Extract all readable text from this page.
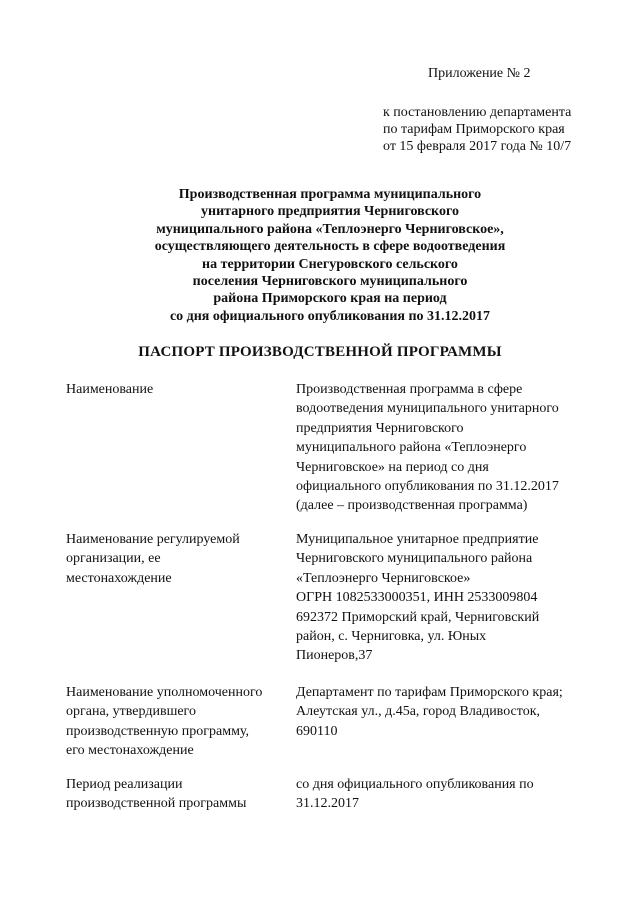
Приложение № 2
к постановлению департамента
по тарифам Приморского края
от 15 февраля 2017 года № 10/7
Производственная программа муниципального
унитарного предприятия Черниговского
муниципального района «Теплоэнерго Черниговское»,
осуществляющего деятельность в сфере водоотведения
на территории Снегуровского сельского
поселения Черниговского муниципального
района Приморского края на период
со дня официального опубликования по 31.12.2017
ПАСПОРТ ПРОИЗВОДСТВЕННОЙ ПРОГРАММЫ
Наименование	Производственная программа в сфере
водоотведения муниципального унитарного
предприятия Черниговского
муниципального района «Теплоэнерго
Черниговское» на период со дня
официального опубликования по 31.12.2017
(далее – производственная программа)
Наименование регулируемой
организации, ее
местонахождение
Муниципальное унитарное предприятие
Черниговского муниципального района
«Теплоэнерго Черниговское»
ОГРН 1082533000351, ИНН 2533009804
692372 Приморский край, Черниговский
район, с. Черниговка, ул. Юных
Пионеров,37
Наименование уполномоченного
органа, утвердившего
производственную программу,
его местонахождение
Департамент по тарифам Приморского края;
Алеутская ул., д.45а, город Владивосток,
690110
Период реализации
производственной программы
со дня официального опубликования по
31.12.2017
